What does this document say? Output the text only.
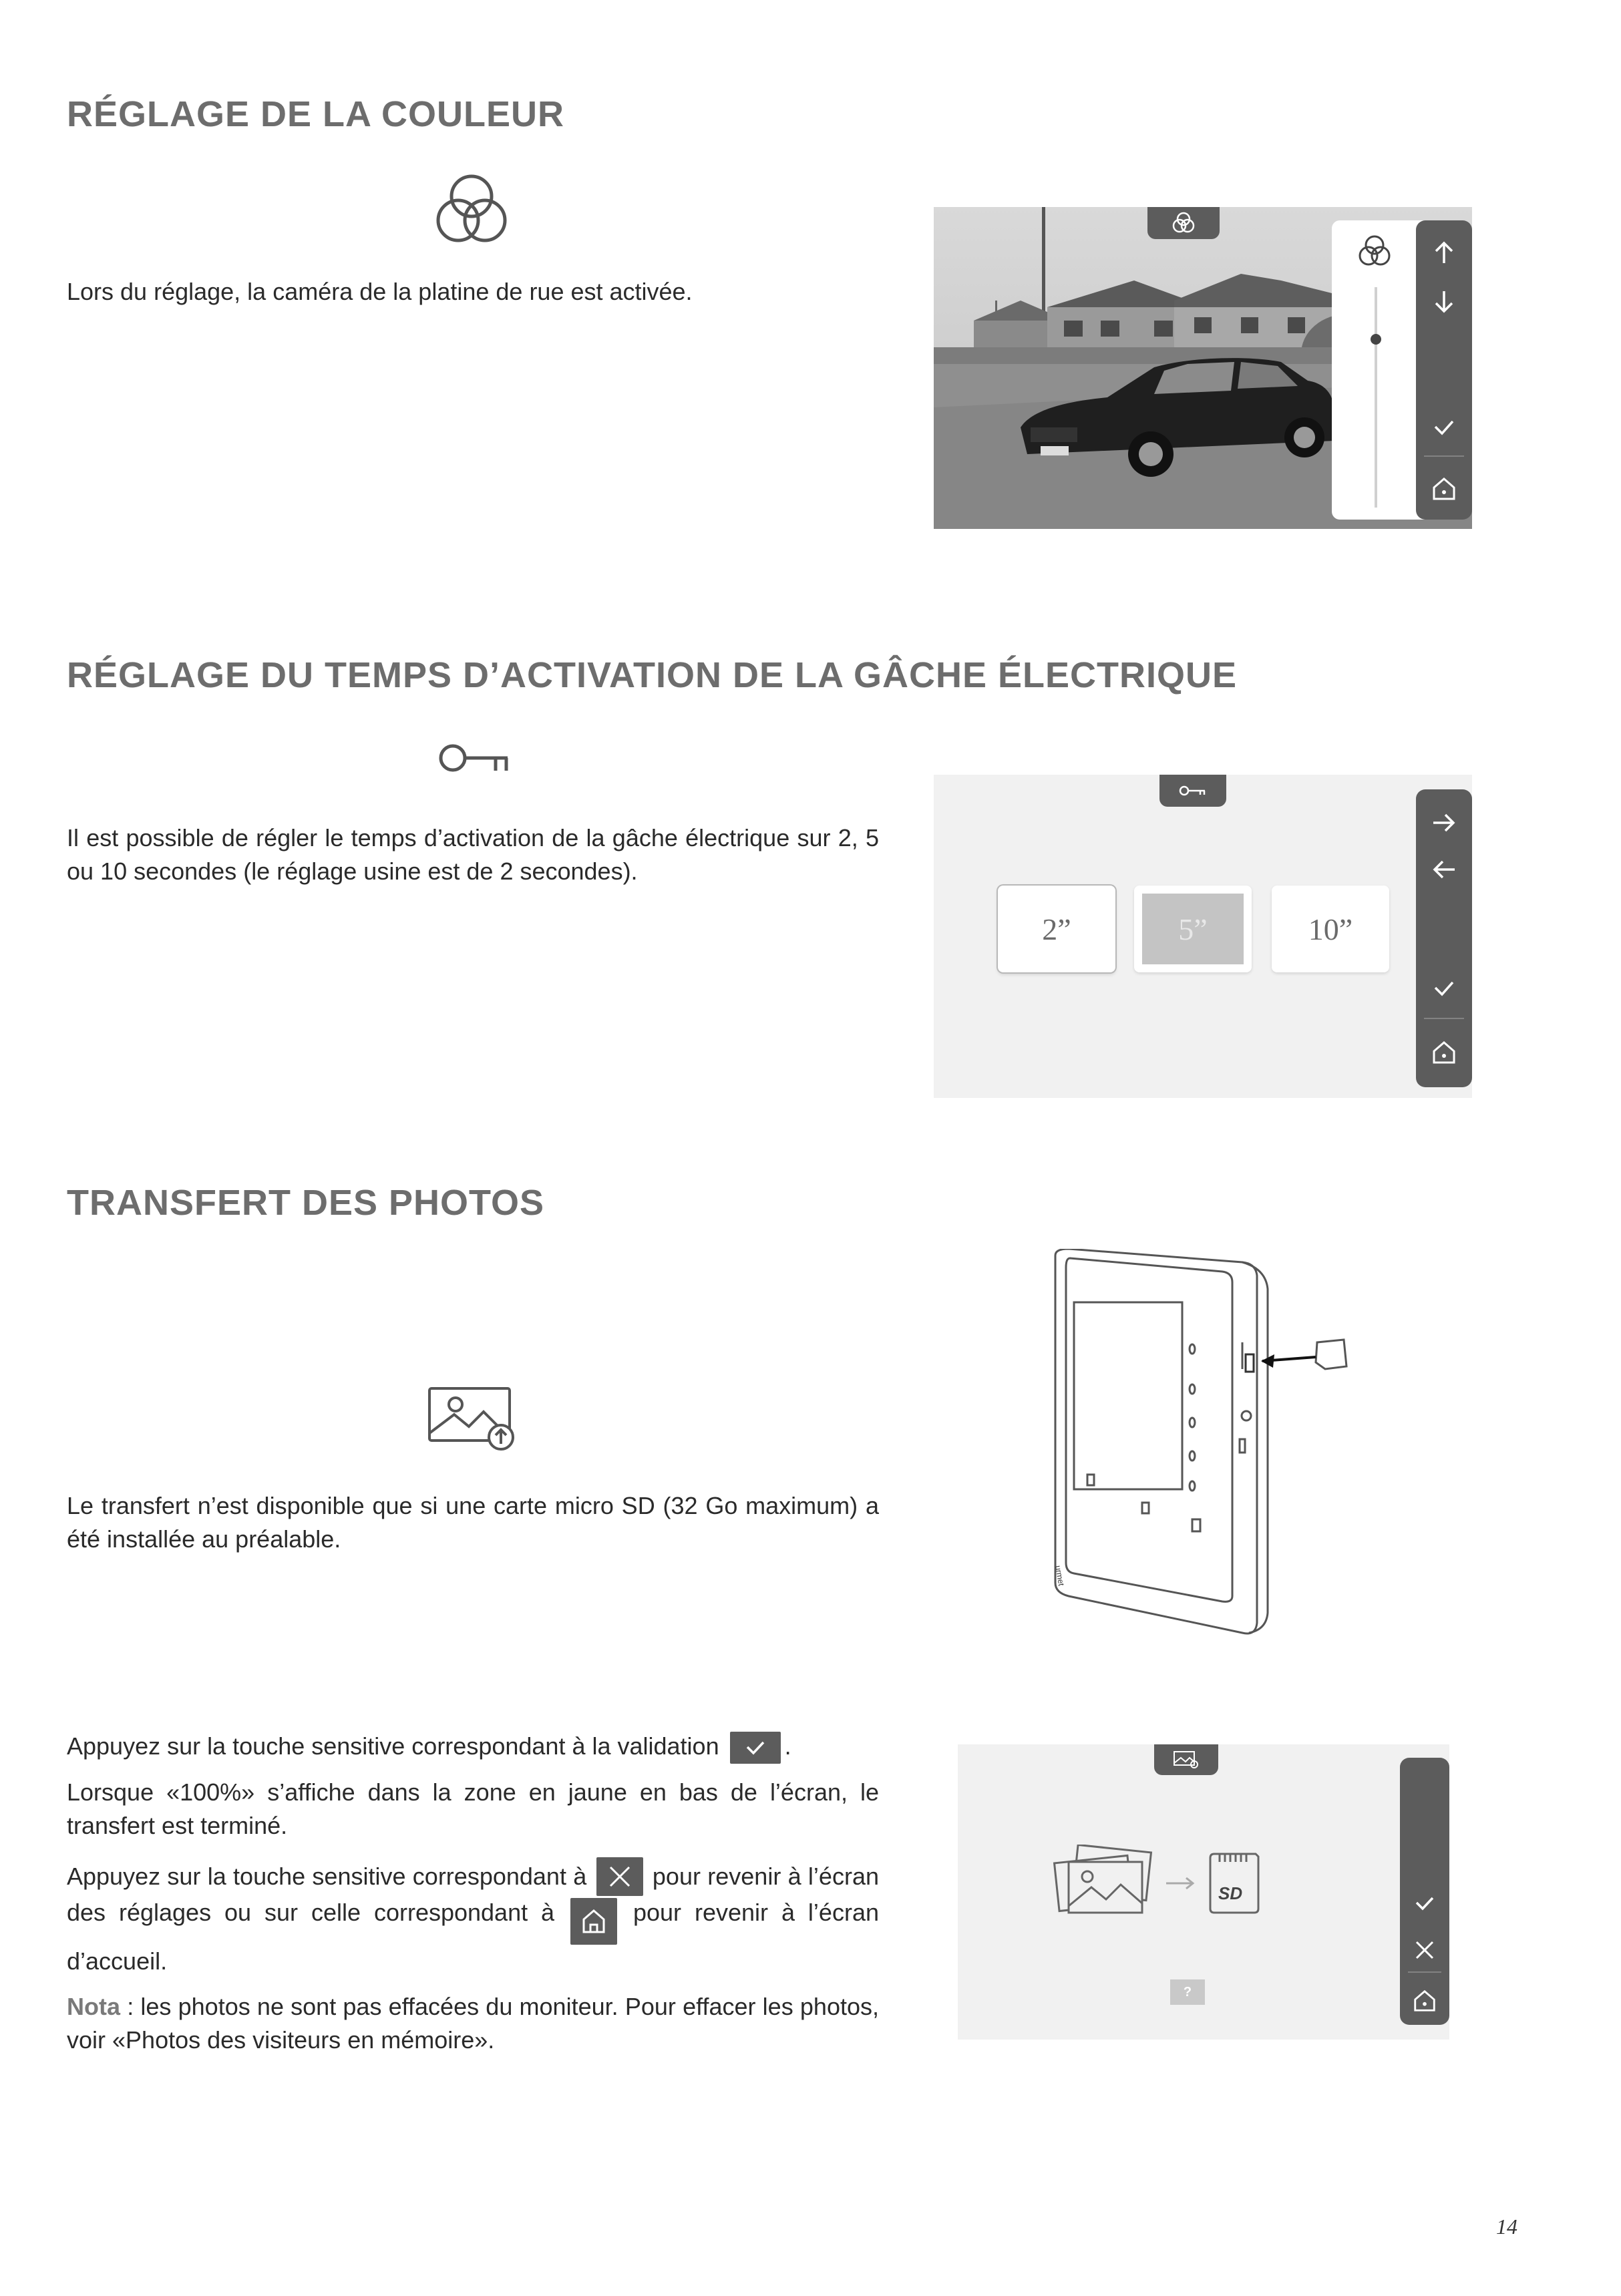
RÉGLAGE DE LA COULEUR
Lors du réglage, la caméra de la platine de rue est activée.
RÉGLAGE DU TEMPS D’ACTIVATION DE LA GÂCHE ÉLECTRIQUE
Il est possible de régler le temps d’activation de la gâche électrique sur 2, 5 ou 10 secondes (le réglage usine est de 2 secondes).
2”	5”	10”
TRANSFERT DES PHOTOS
Le transfert n’est disponible que si une carte micro SD (32 Go maximum) a été installée au préalable.
urmet

Appuyez sur la touche sensitive correspondant à la validation	.

Lorsque «100%» s’affiche dans la zone en jaune en bas de l’écran, le transfert est terminé.

Appuyez sur la touche sensitive correspondant à	pour revenir à l’écran des réglages ou sur celle correspondant à	pour revenir à l’écran d’accueil.

Nota : les photos ne sont pas effacées du moniteur. Pour effacer les photos, voir «Photos des visiteurs en mémoire».

SD
?
14
